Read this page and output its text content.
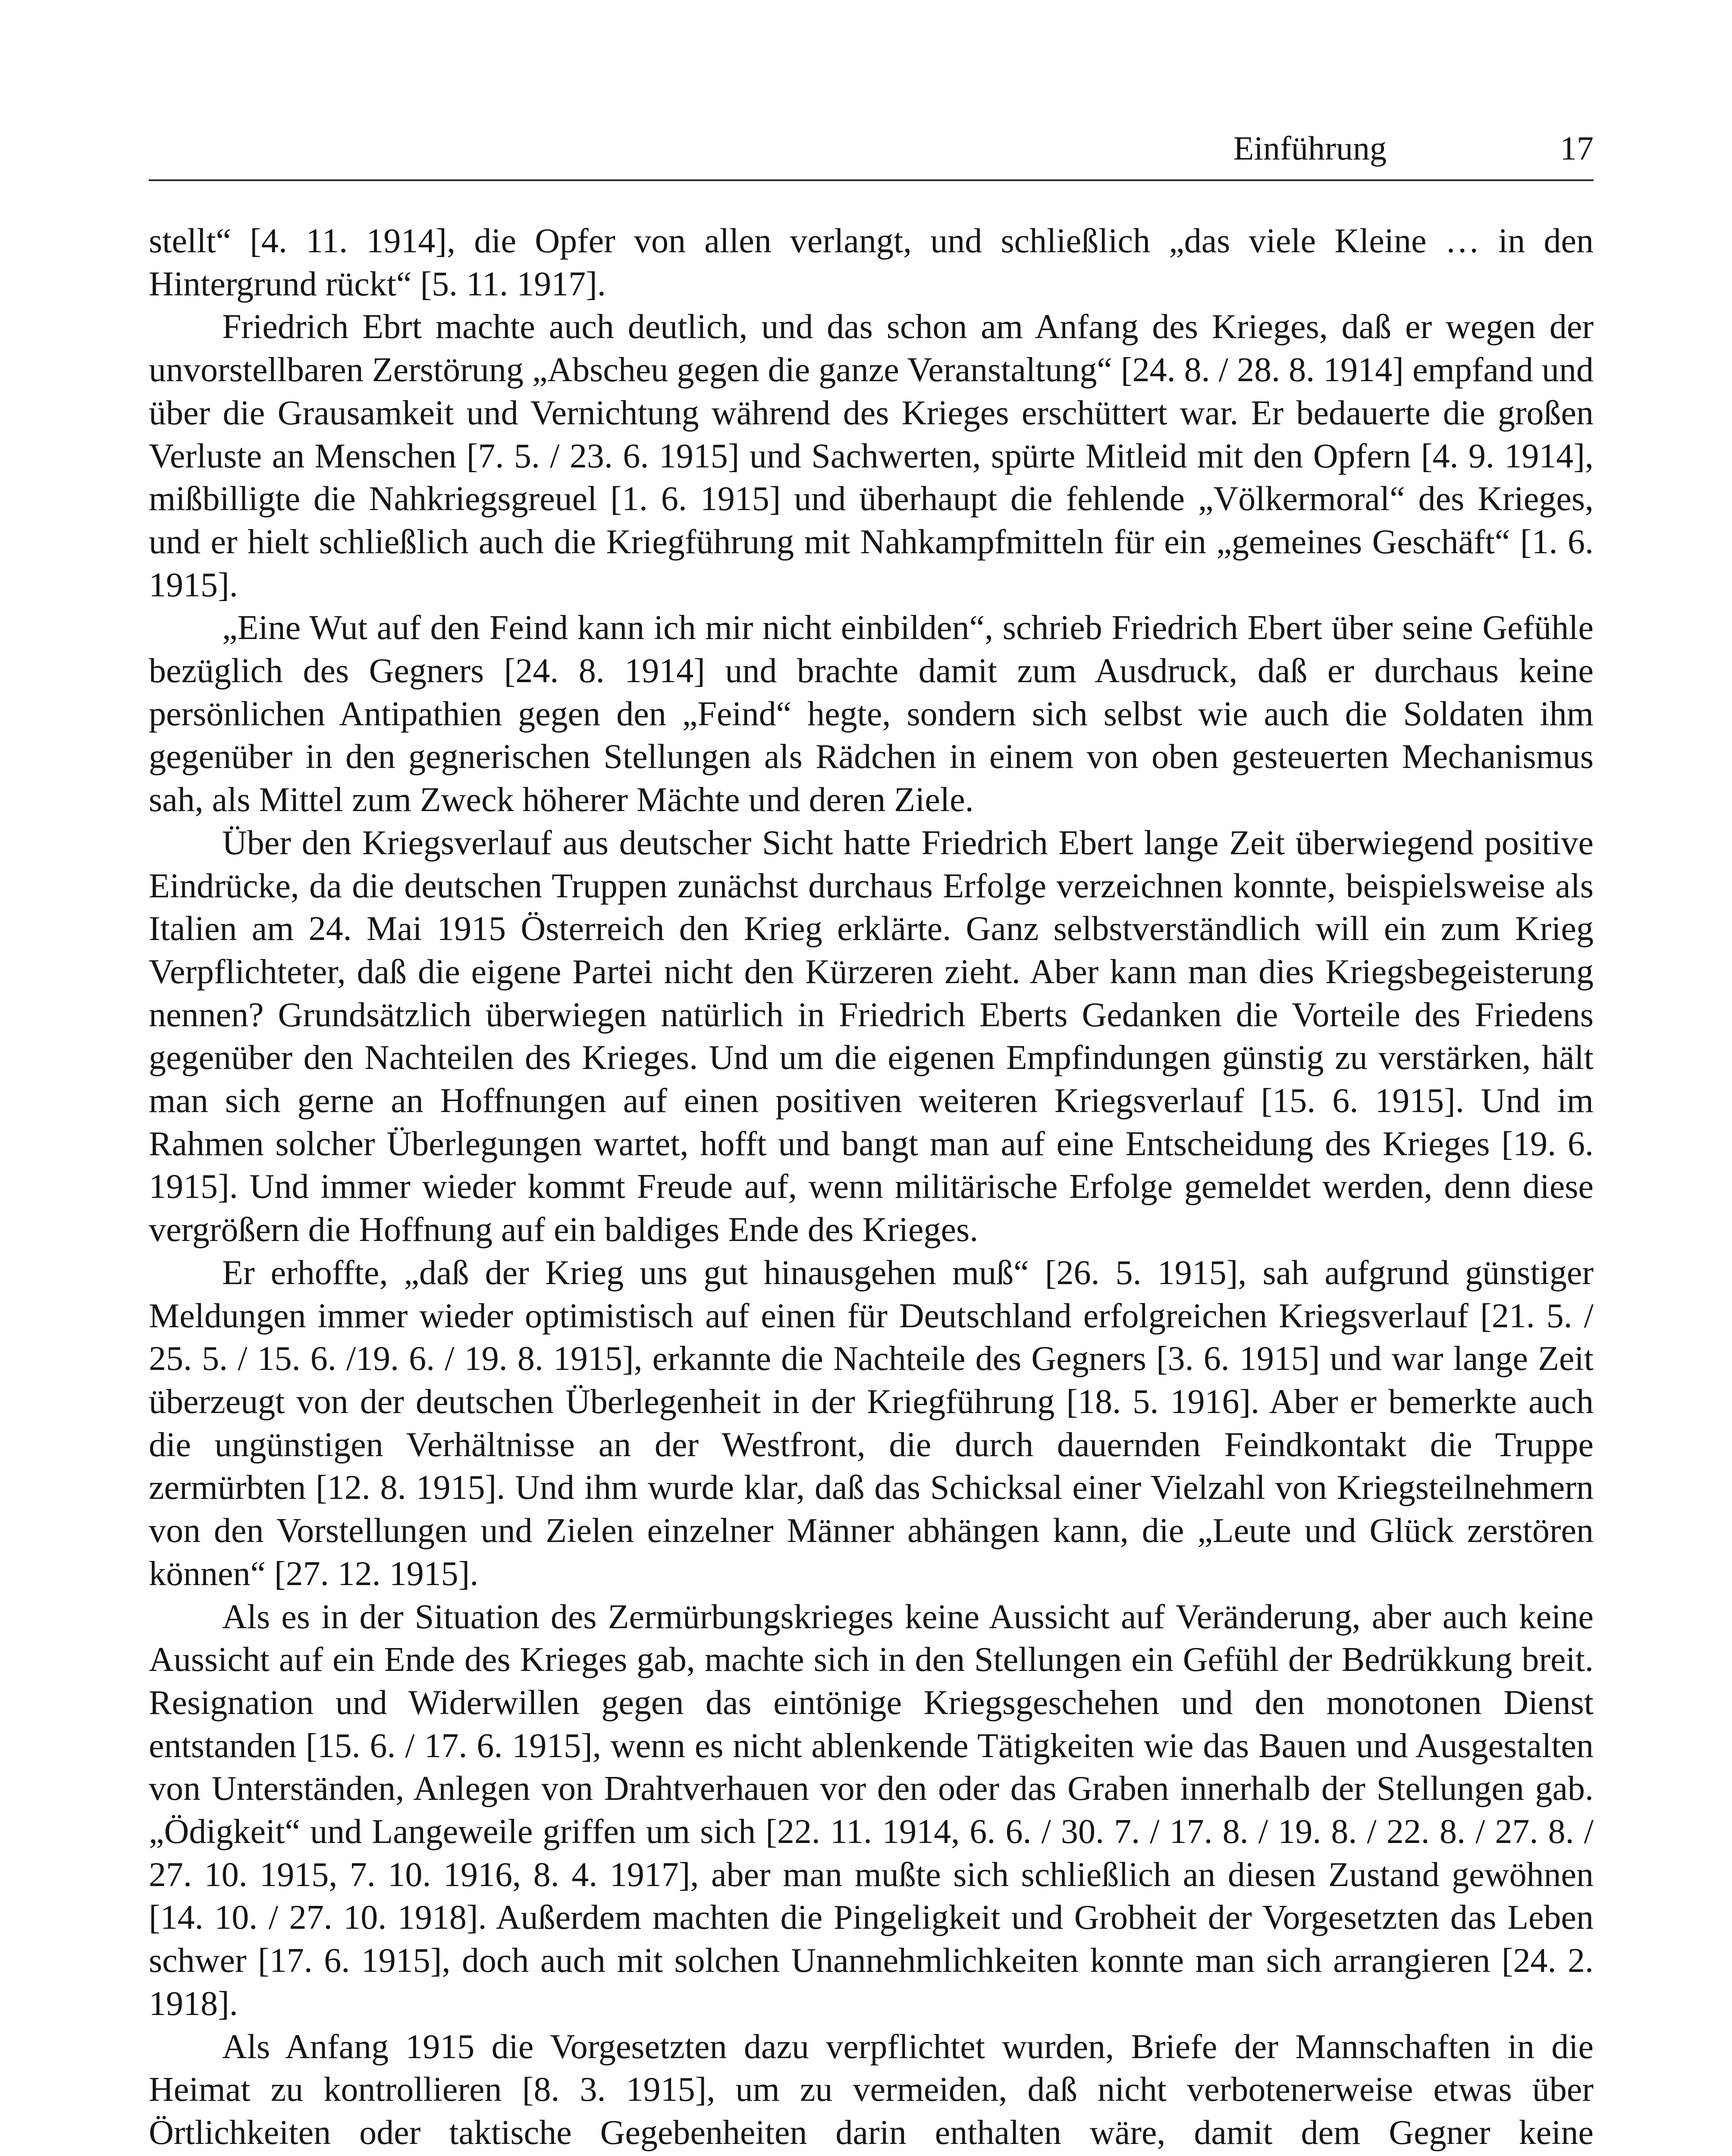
Einführung	17

stellt“ [4. 11. 1914], die Opfer von allen verlangt, und schließlich „das viele Kleine … in den Hintergrund rückt“ [5. 11. 1917].

Friedrich Ebrt machte auch deutlich, und das schon am Anfang des Krieges, daß er wegen der unvorstellbaren Zerstörung „Abscheu gegen die ganze Veranstaltung“ [24. 8. / 28. 8. 1914] empfand und über die Grausamkeit und Vernichtung während des Krieges erschüttert war. Er bedauerte die großen Verluste an Menschen [7. 5. / 23. 6. 1915] und Sachwerten, spürte Mitleid mit den Opfern [4. 9. 1914], mißbilligte die Nahkriegsgreuel [1. 6. 1915] und überhaupt die fehlende „Völkermoral“ des Krieges, und er hielt schließlich auch die Kriegführung mit Nahkampfmitteln für ein „gemeines Geschäft“ [1. 6. 1915].

„Eine Wut auf den Feind kann ich mir nicht einbilden“, schrieb Friedrich Ebert über seine Gefühle bezüglich des Gegners [24. 8. 1914] und brachte damit zum Ausdruck, daß er durchaus keine persönlichen Antipathien gegen den „Feind“ hegte, sondern sich selbst wie auch die Soldaten ihm gegenüber in den gegnerischen Stellungen als Rädchen in einem von oben gesteuerten Mechanismus sah, als Mittel zum Zweck höherer Mächte und deren Ziele.

Über den Kriegsverlauf aus deutscher Sicht hatte Friedrich Ebert lange Zeit überwiegend positive Eindrücke, da die deutschen Truppen zunächst durchaus Erfolge verzeichnen konnte, beispielsweise als Italien am 24. Mai 1915 Österreich den Krieg erklärte. Ganz selbstverständlich will ein zum Krieg Verpflichteter, daß die eigene Partei nicht den Kürzeren zieht. Aber kann man dies Kriegsbegeisterung nennen? Grundsätzlich überwiegen natürlich in Friedrich Eberts Gedanken die Vorteile des Friedens gegenüber den Nachteilen des Krieges. Und um die eigenen Empfindungen günstig zu verstärken, hält man sich gerne an Hoffnungen auf einen positiven weiteren Kriegsverlauf [15. 6. 1915]. Und im Rahmen solcher Überlegungen wartet, hofft und bangt man auf eine Entscheidung des Krieges [19. 6. 1915]. Und immer wieder kommt Freude auf, wenn militärische Erfolge gemeldet werden, denn diese vergrößern die Hoffnung auf ein baldiges Ende des Krieges.

Er erhoffte, „daß der Krieg uns gut hinausgehen muß“ [26. 5. 1915], sah aufgrund günstiger Meldungen immer wieder optimistisch auf einen für Deutschland erfolgreichen Kriegsverlauf [21. 5. / 25. 5. / 15. 6. /19. 6. / 19. 8. 1915], erkannte die Nachteile des Gegners [3. 6. 1915] und war lange Zeit überzeugt von der deutschen Überlegenheit in der Kriegführung [18. 5. 1916]. Aber er bemerkte auch die ungünstigen Verhältnisse an der Westfront, die durch dauernden Feindkontakt die Truppe zermürbten [12. 8. 1915]. Und ihm wurde klar, daß das Schicksal einer Vielzahl von Kriegsteilnehmern von den Vorstellungen und Zielen einzelner Männer abhängen kann, die „Leute und Glück zerstören können“ [27. 12. 1915].

Als es in der Situation des Zermürbungskrieges keine Aussicht auf Veränderung, aber auch keine Aussicht auf ein Ende des Krieges gab, machte sich in den Stellungen ein Gefühl der Bedrükkung breit. Resignation und Widerwillen gegen das eintönige Kriegsgeschehen und den monotonen Dienst entstanden [15. 6. / 17. 6. 1915], wenn es nicht ablenkende Tätigkeiten wie das Bauen und Ausgestalten von Unterständen, Anlegen von Drahtverhauen vor den oder das Graben innerhalb der Stellungen gab. „Ödigkeit“ und Langeweile griffen um sich [22. 11. 1914, 6. 6. / 30. 7. / 17. 8. / 19. 8. / 22. 8. / 27. 8. / 27. 10. 1915, 7. 10. 1916, 8. 4. 1917], aber man mußte sich schließlich an diesen Zustand gewöhnen [14. 10. / 27. 10. 1918]. Außerdem machten die Pingeligkeit und Grobheit der Vorgesetzten das Leben schwer [17. 6. 1915], doch auch mit solchen Unannehmlichkeiten konnte man sich arrangieren [24. 2. 1918].

Als Anfang 1915 die Vorgesetzten dazu verpflichtet wurden, Briefe der Mannschaften in die Heimat zu kontrollieren [8. 3. 1915], um zu vermeiden, daß nicht verbotenerweise etwas über Örtlichkeiten oder taktische Gegebenheiten darin enthalten wäre, damit dem Gegner keine
